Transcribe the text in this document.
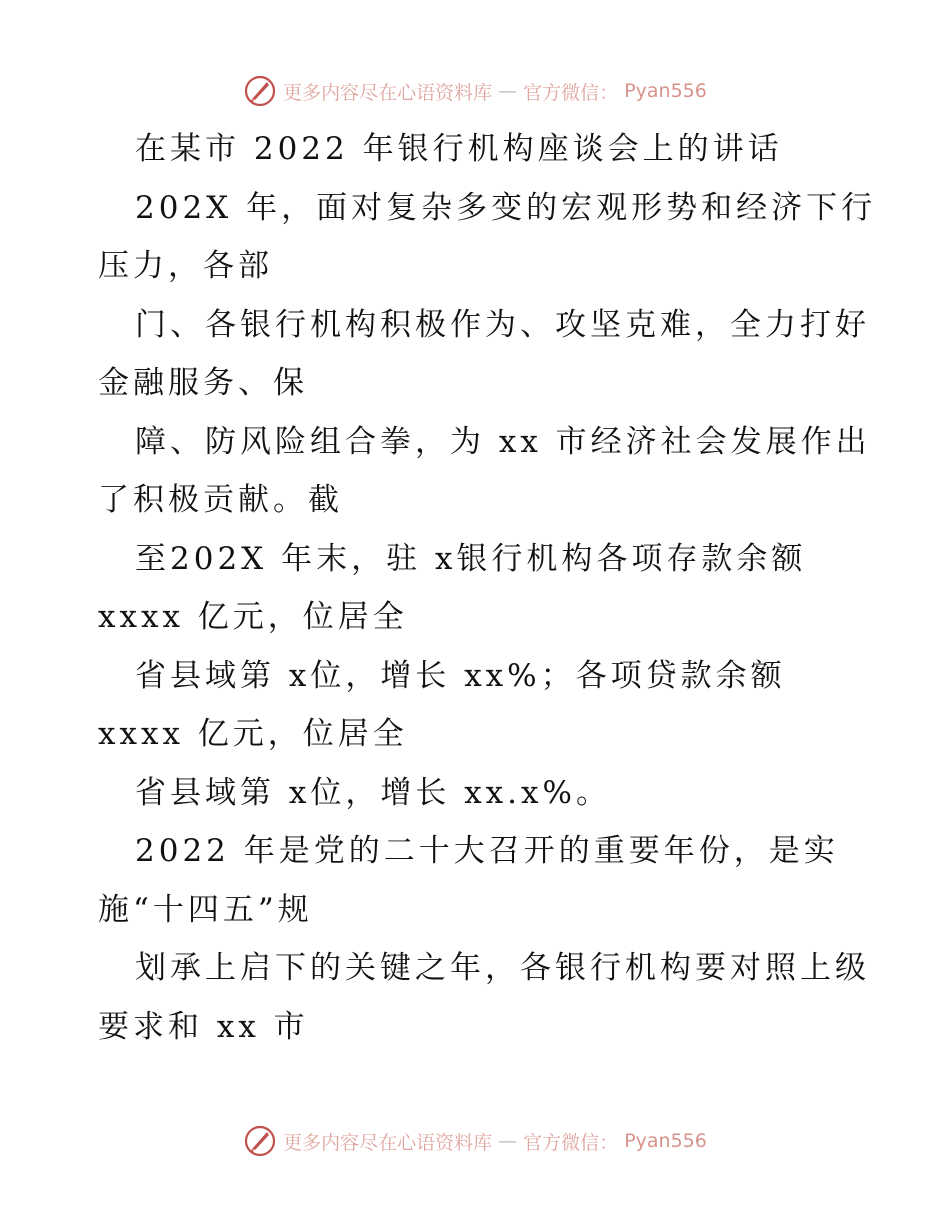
更多内容尽在心语资料库 — 官方微信： Pyan556
在某市 2022 年银行机构座谈会上的讲话
202X 年，面对复杂多变的宏观形势和经济下行
压力，各部
门、各银行机构积极作为、攻坚克难，全力打好
金融服务、保
障、防风险组合拳，为 xx 市经济社会发展作出
了积极贡献。截
至202X 年末，驻 x银行机构各项存款余额
xxxx 亿元，位居全
省县域第 x位，增长 xx%；各项贷款余额
xxxx 亿元，位居全
省县域第 x位，增长 xx.x%。
2022 年是党的二十大召开的重要年份，是实
施“十四五”规
划承上启下的关键之年，各银行机构要对照上级
要求和 xx 市
更多内容尽在心语资料库 — 官方微信： Pyan556
